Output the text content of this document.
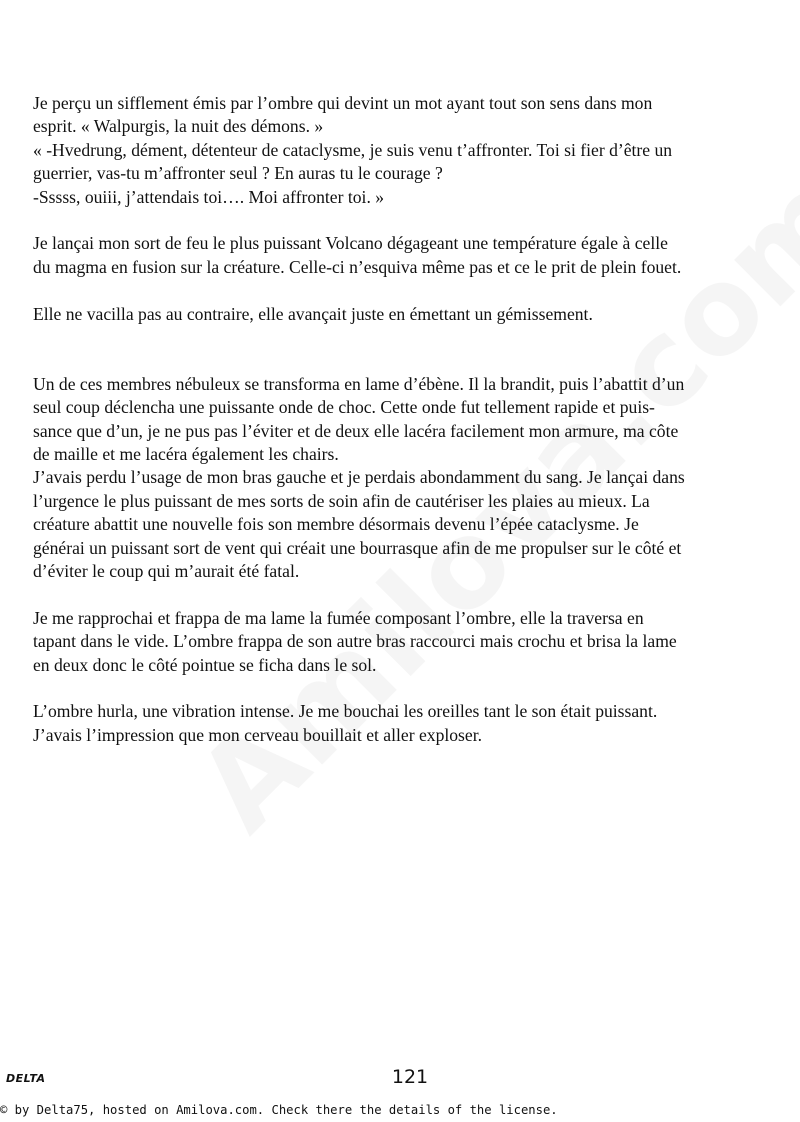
Je perçu un sifflement émis par l’ombre qui devint un mot ayant tout son sens dans mon
esprit. « Walpurgis, la nuit des démons. »
« -Hvedrung, dément, détenteur de cataclysme, je suis venu t’affronter. Toi si fier d’être un
guerrier, vas-tu m’affronter seul ? En auras tu le courage ?
-Sssss, ouiii, j’attendais toi…. Moi affronter toi. »

Je lançai mon sort de feu le plus puissant Volcano dégageant une température égale à celle
du magma en fusion sur la créature. Celle-ci n’esquiva même pas et ce le prit de plein fouet.

Elle ne vacilla pas au contraire, elle avançait juste en émettant un gémissement.

Un de ces membres nébuleux se transforma en lame d’ébène. Il la brandit, puis l’abattit d’un
seul coup déclencha une puissante onde de choc. Cette onde fut tellement rapide et puis-
sance que d’un, je ne pus pas l’éviter et de deux elle lacéra facilement mon armure, ma côte
de maille et me lacéra également les chairs.
J’avais perdu l’usage de mon bras gauche et je perdais abondamment du sang. Je lançai dans
l’urgence le plus puissant de mes sorts de soin afin de cautériser les plaies au mieux. La
créature abattit une nouvelle fois son membre désormais devenu l’épée cataclysme. Je
générai un puissant sort de vent qui créait une bourrasque afin de me propulser sur le côté et
d’éviter le coup qui m’aurait été fatal.

Je me rapprochai et frappa de ma lame la fumée composant l’ombre, elle la traversa en
tapant dans le vide. L’ombre frappa de son autre bras raccourci mais crochu et brisa la lame
en deux donc le côté pointue se ficha dans le sol.

L’ombre hurla, une vibration intense. Je me bouchai les oreilles tant le son était puissant.
J’avais l’impression que mon cerveau bouillait et aller exploser.

DELTA	121
© by Delta75, hosted on Amilova.com. Check there the details of the license.
